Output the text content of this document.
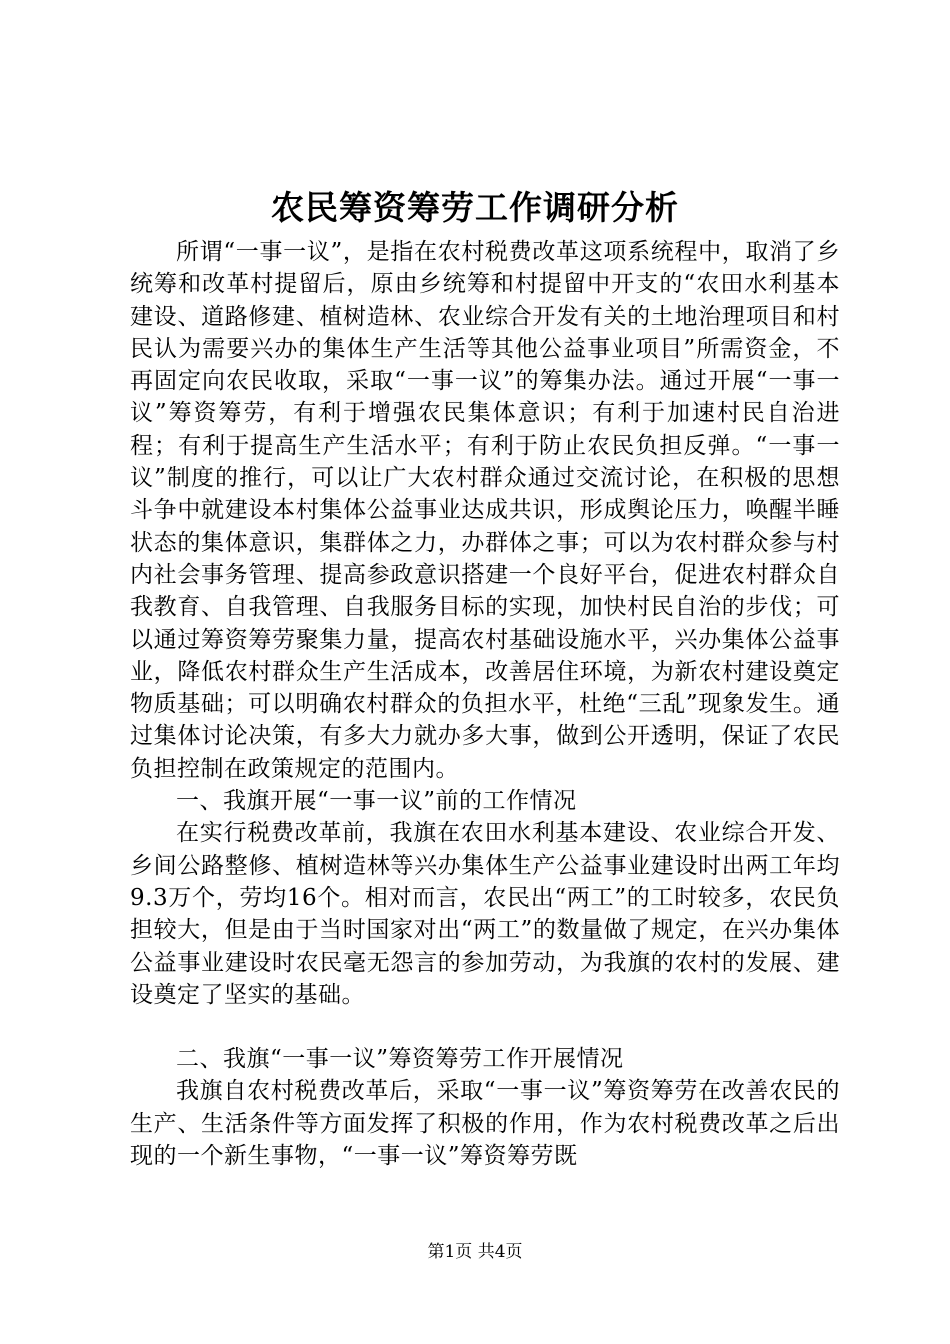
农民筹资筹劳工作调研分析

所谓“一事一议”，是指在农村税费改革这项系统程中，取消了乡统筹和改革村提留后，原由乡统筹和村提留中开支的“农田水利基本建设、道路修建、植树造林、农业综合开发有关的土地治理项目和村民认为需要兴办的集体生产生活等其他公益事业项目”所需资金，不再固定向农民收取，采取“一事一议”的筹集办法。通过开展“一事一议”筹资筹劳，有利于增强农民集体意识；有利于加速村民自治进程；有利于提高生产生活水平；有利于防止农民负担反弹。“一事一议”制度的推行，可以让广大农村群众通过交流讨论，在积极的思想斗争中就建设本村集体公益事业达成共识，形成舆论压力，唤醒半睡状态的集体意识，集群体之力，办群体之事；可以为农村群众参与村内社会事务管理、提高参政意识搭建一个良好平台，促进农村群众自我教育、自我管理、自我服务目标的实现，加快村民自治的步伐；可以通过筹资筹劳聚集力量，提高农村基础设施水平，兴办集体公益事业，降低农村群众生产生活成本，改善居住环境，为新农村建设奠定物质基础；可以明确农村群众的负担水平，杜绝“三乱”现象发生。通过集体讨论决策，有多大力就办多大事，做到公开透明，保证了农民负担控制在政策规定的范围内。

一、我旗开展“一事一议”前的工作情况

在实行税费改革前，我旗在农田水利基本建设、农业综合开发、乡间公路整修、植树造林等兴办集体生产公益事业建设时出两工年均9.3万个，劳均16个。相对而言，农民出“两工”的工时较多，农民负担较大，但是由于当时国家对出“两工”的数量做了规定，在兴办集体公益事业建设时农民毫无怨言的参加劳动，为我旗的农村的发展、建设奠定了坚实的基础。

二、我旗“一事一议”筹资筹劳工作开展情况

我旗自农村税费改革后，采取“一事一议”筹资筹劳在改善农民的生产、生活条件等方面发挥了积极的作用，作为农村税费改革之后出现的一个新生事物，“一事一议”筹资筹劳既

第1页 共4页
